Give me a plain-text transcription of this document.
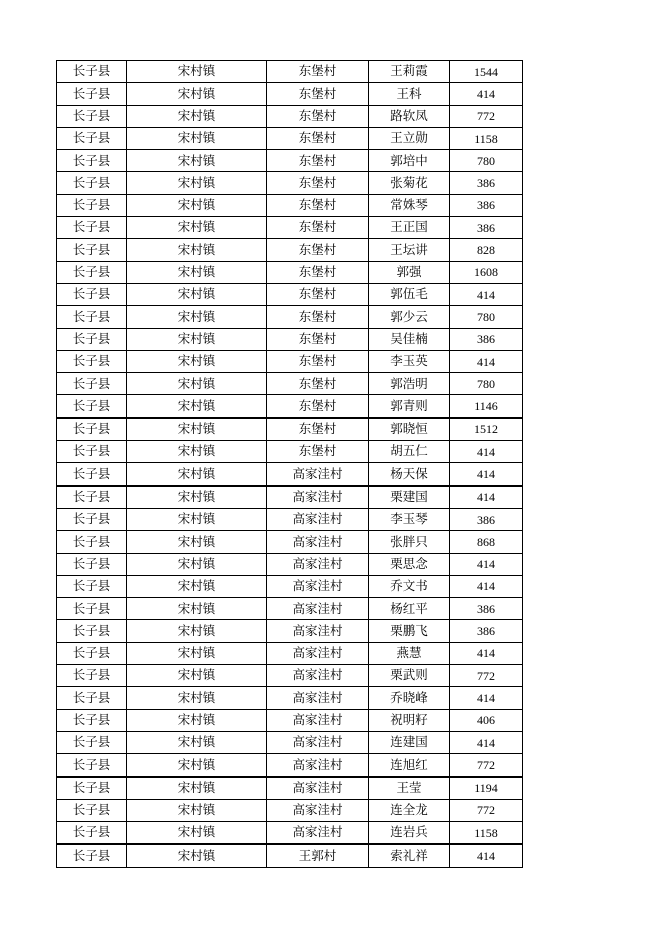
长子县	宋村镇	东堡村	王莉霞	1544
长子县	宋村镇	东堡村	王科	414
长子县	宋村镇	东堡村	路软凤	772
长子县	宋村镇	东堡村	王立勋	1158
长子县	宋村镇	东堡村	郭培中	780
长子县	宋村镇	东堡村	张菊花	386
长子县	宋村镇	东堡村	常姝琴	386
长子县	宋村镇	东堡村	王正国	386
长子县	宋村镇	东堡村	王坛讲	828
长子县	宋村镇	东堡村	郭强	1608
长子县	宋村镇	东堡村	郭伍毛	414
长子县	宋村镇	东堡村	郭少云	780
长子县	宋村镇	东堡村	吴佳楠	386
长子县	宋村镇	东堡村	李玉英	414
长子县	宋村镇	东堡村	郭浩明	780
长子县	宋村镇	东堡村	郭青则	1146
长子县	宋村镇	东堡村	郭晓恒	1512
长子县	宋村镇	东堡村	胡五仁	414
长子县	宋村镇	高家洼村	杨天保	414
长子县	宋村镇	高家洼村	栗建国	414
长子县	宋村镇	高家洼村	李玉琴	386
长子县	宋村镇	高家洼村	张胖只	868
长子县	宋村镇	高家洼村	栗思念	414
长子县	宋村镇	高家洼村	乔文书	414
长子县	宋村镇	高家洼村	杨红平	386
长子县	宋村镇	高家洼村	栗鹏飞	386
长子县	宋村镇	高家洼村	燕慧	414
长子县	宋村镇	高家洼村	栗武则	772
长子县	宋村镇	高家洼村	乔晓峰	414
长子县	宋村镇	高家洼村	祝明籽	406
长子县	宋村镇	高家洼村	连建国	414
长子县	宋村镇	高家洼村	连旭红	772
长子县	宋村镇	高家洼村	王莹	1194
长子县	宋村镇	高家洼村	连全龙	772
长子县	宋村镇	高家洼村	连岩兵	1158
长子县	宋村镇	王郭村	索礼祥	414
